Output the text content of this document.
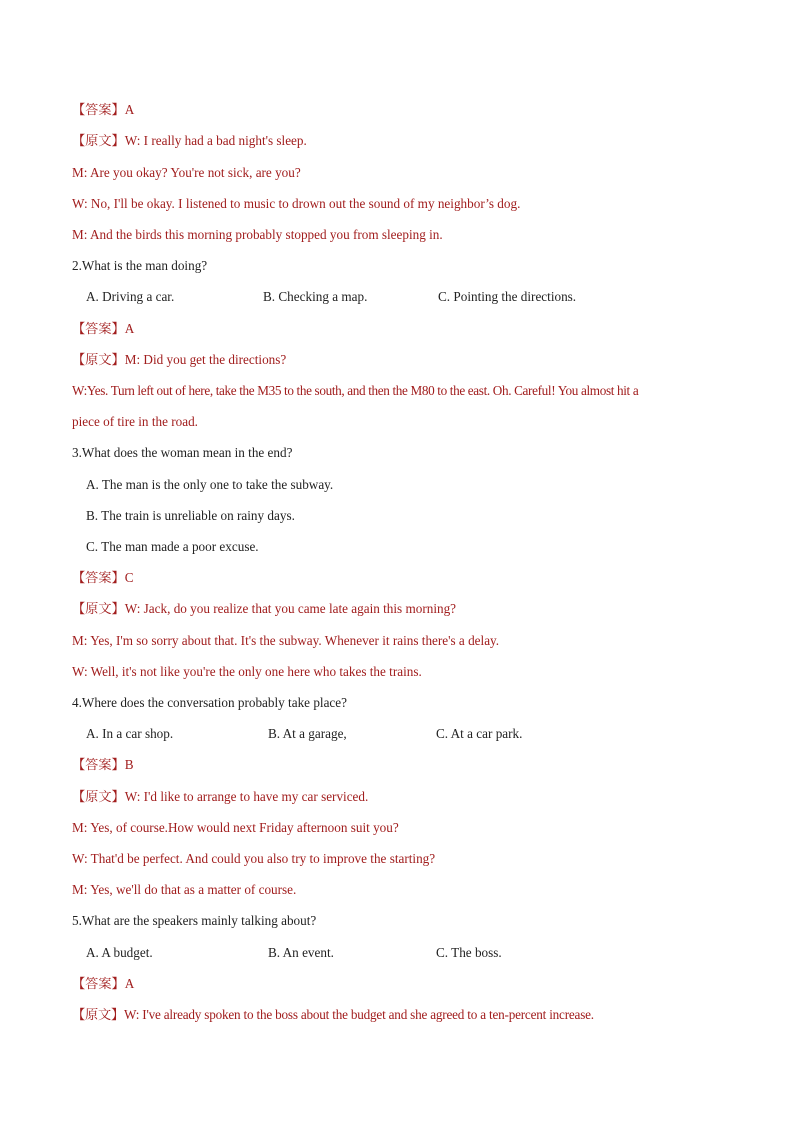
【答案】A
【原文】W: I really had a bad night's sleep.
M: Are you okay? You're not sick, are you?
W: No, I'll be okay. I listened to music to drown out the sound of my neighbor’s dog.
M: And the birds this morning probably stopped you from sleeping in.
2.What is the man doing?
A. Driving a car.	B. Checking a map.	C. Pointing the directions.
【答案】A
【原文】M: Did you get the directions?
W:Yes. Turn left out of here, take the M35 to the south, and then the M80 to the east. Oh. Careful! You almost hit a
piece of tire in the road.
3.What does the woman mean in the end?
A. The man is the only one to take the subway.
B. The train is unreliable on rainy days.
C. The man made a poor excuse.
【答案】C
【原文】W: Jack, do you realize that you came late again this morning?
M: Yes, I'm so sorry about that. It's the subway. Whenever it rains there's a delay.
W: Well, it's not like you're the only one here who takes the trains.
4.Where does the conversation probably take place?
A. In a car shop.	B. At a garage,	C. At a car park.
【答案】B
【原文】W: I'd like to arrange to have my car serviced.
M: Yes, of course.How would next Friday afternoon suit you?
W: That'd be perfect. And could you also try to improve the starting?
M: Yes, we'll do that as a matter of course.
5.What are the speakers mainly talking about?
A. A budget.	B. An event.	C. The boss.
【答案】A
【原文】W: I've already spoken to the boss about the budget and she agreed to a ten-percent increase.
